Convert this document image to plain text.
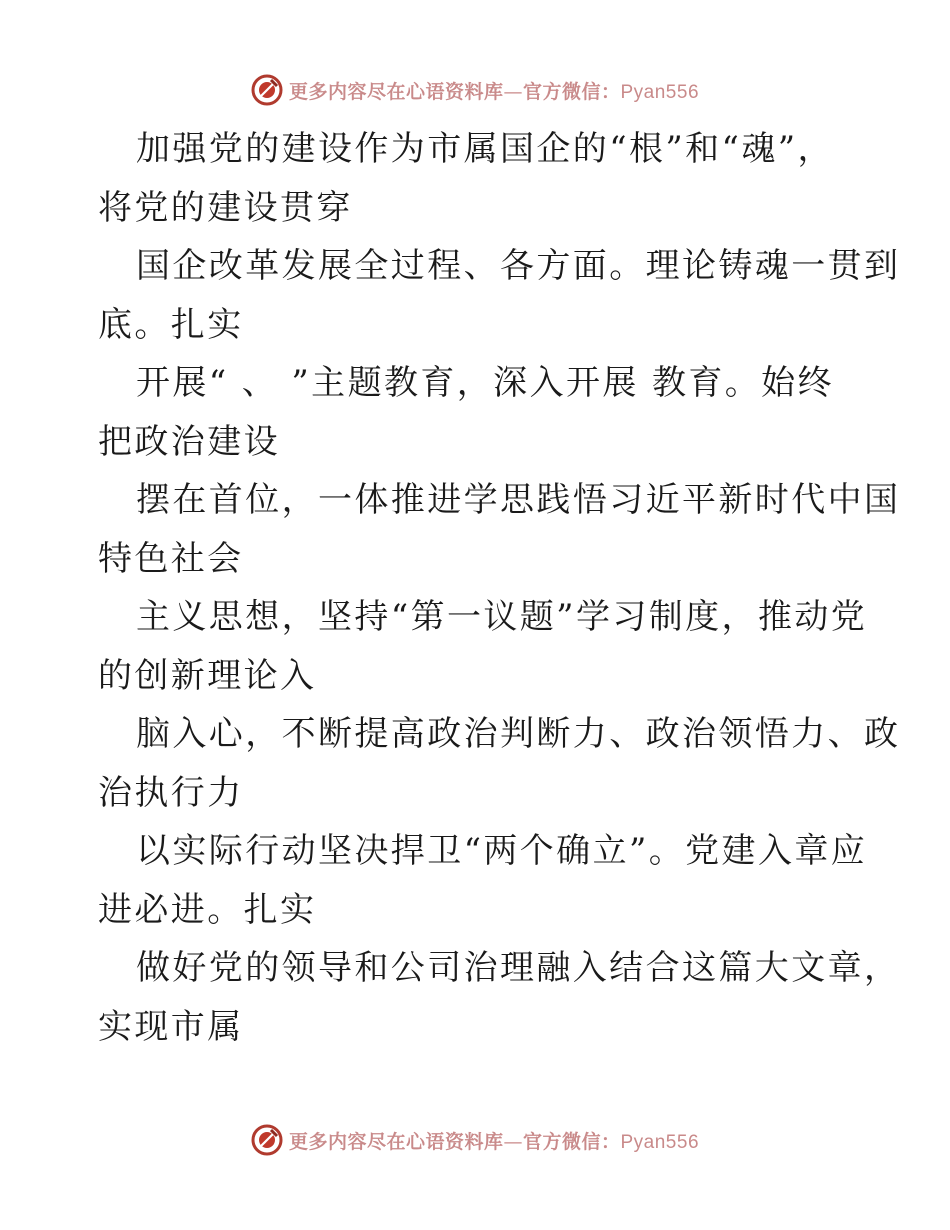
更多内容尽在心语资料库—官方微信：Pyan556
加强党的建设作为市属国企的“根”和“魂”，
将党的建设贯穿
国企改革发展全过程、各方面。理论铸魂一贯到
底。扎实
开展“ 、 ”主题教育，深入开展 教育。始终
把政治建设
摆在首位，一体推进学思践悟习近平新时代中国
特色社会
主义思想，坚持“第一议题”学习制度，推动党
的创新理论入
脑入心，不断提高政治判断力、政治领悟力、政
治执行力
以实际行动坚决捍卫“两个确立”。党建入章应
进必进。扎实
做好党的领导和公司治理融入结合这篇大文章，
实现市属
更多内容尽在心语资料库—官方微信：Pyan556
